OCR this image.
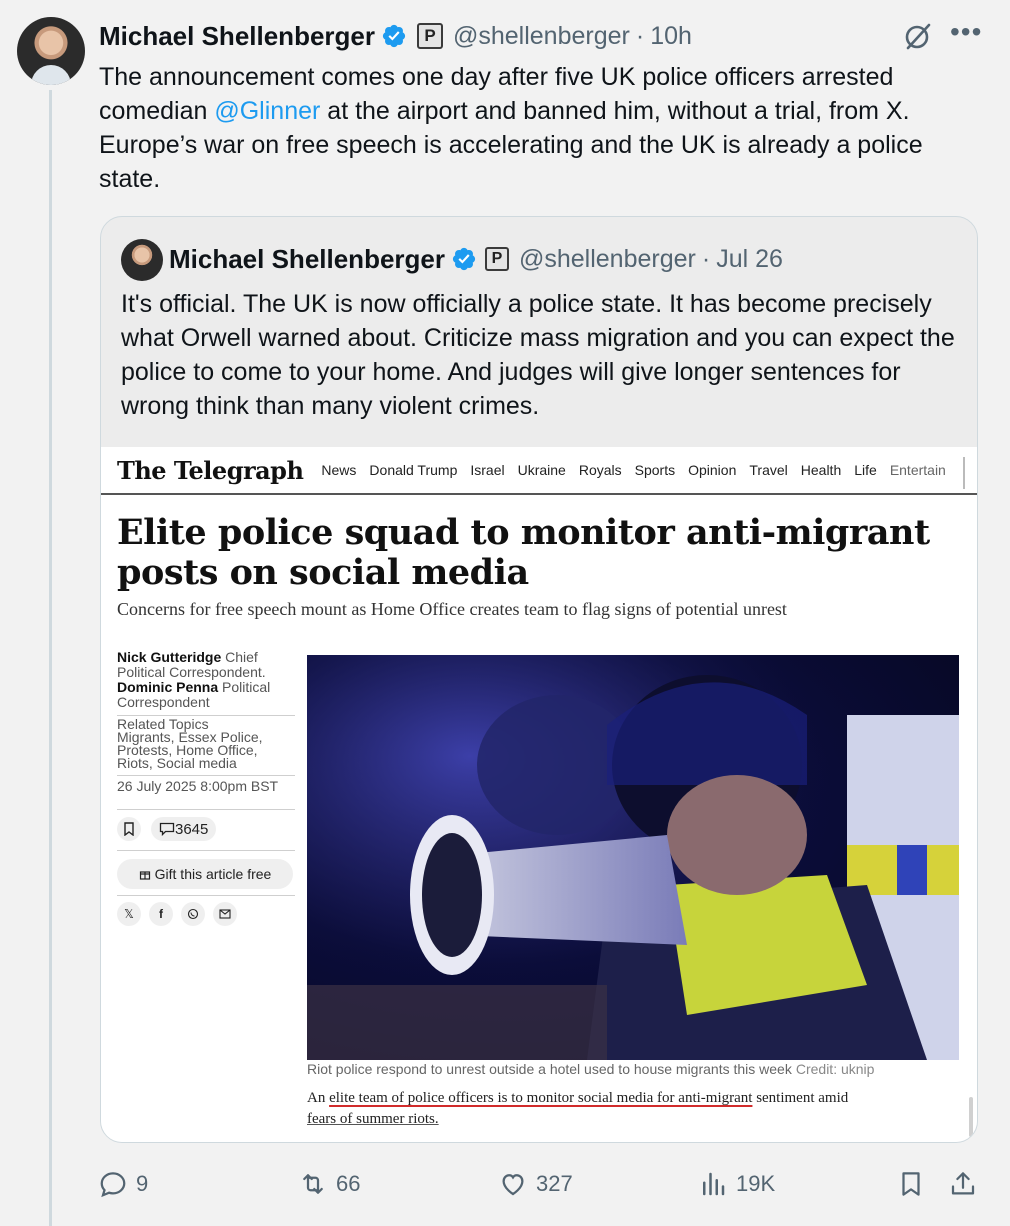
Michael Shellenberger	P @shellenberger · 10h	•••
The announcement comes one day after five UK police officers arrested comedian @Glinner at the airport and banned him, without a trial, from X. Europe’s war on free speech is accelerating and the UK is already a police state.
Michael Shellenberger	P @shellenberger · Jul 26
It's official. The UK is now officially a police state. It has become precisely what Orwell warned about. Criticize mass migration and you can expect the police to come to your home. And judges will give longer sentences for wrong think than many violent crimes.
The Telegraph News Donald Trump Israel Ukraine Royals Sports Opinion Travel Health Life Entertain
Elite police squad to monitor anti-migrant posts on social media
Concerns for free speech mount as Home Office creates team to flag signs of potential unrest
Nick Gutteridge Chief Political Correspondent.
Dominic Penna Political Correspondent
Related Topics
Migrants, Essex Police, Protests, Home Office, Riots, Social media
26 July 2025 8:00pm BST
3645
Gift this article free
𝕏	f
Riot police respond to unrest outside a hotel used to house migrants this week Credit: uknip
An elite team of police officers is to monitor social media for anti-migrant sentiment amid fears of summer riots.
9	66	327	19K
